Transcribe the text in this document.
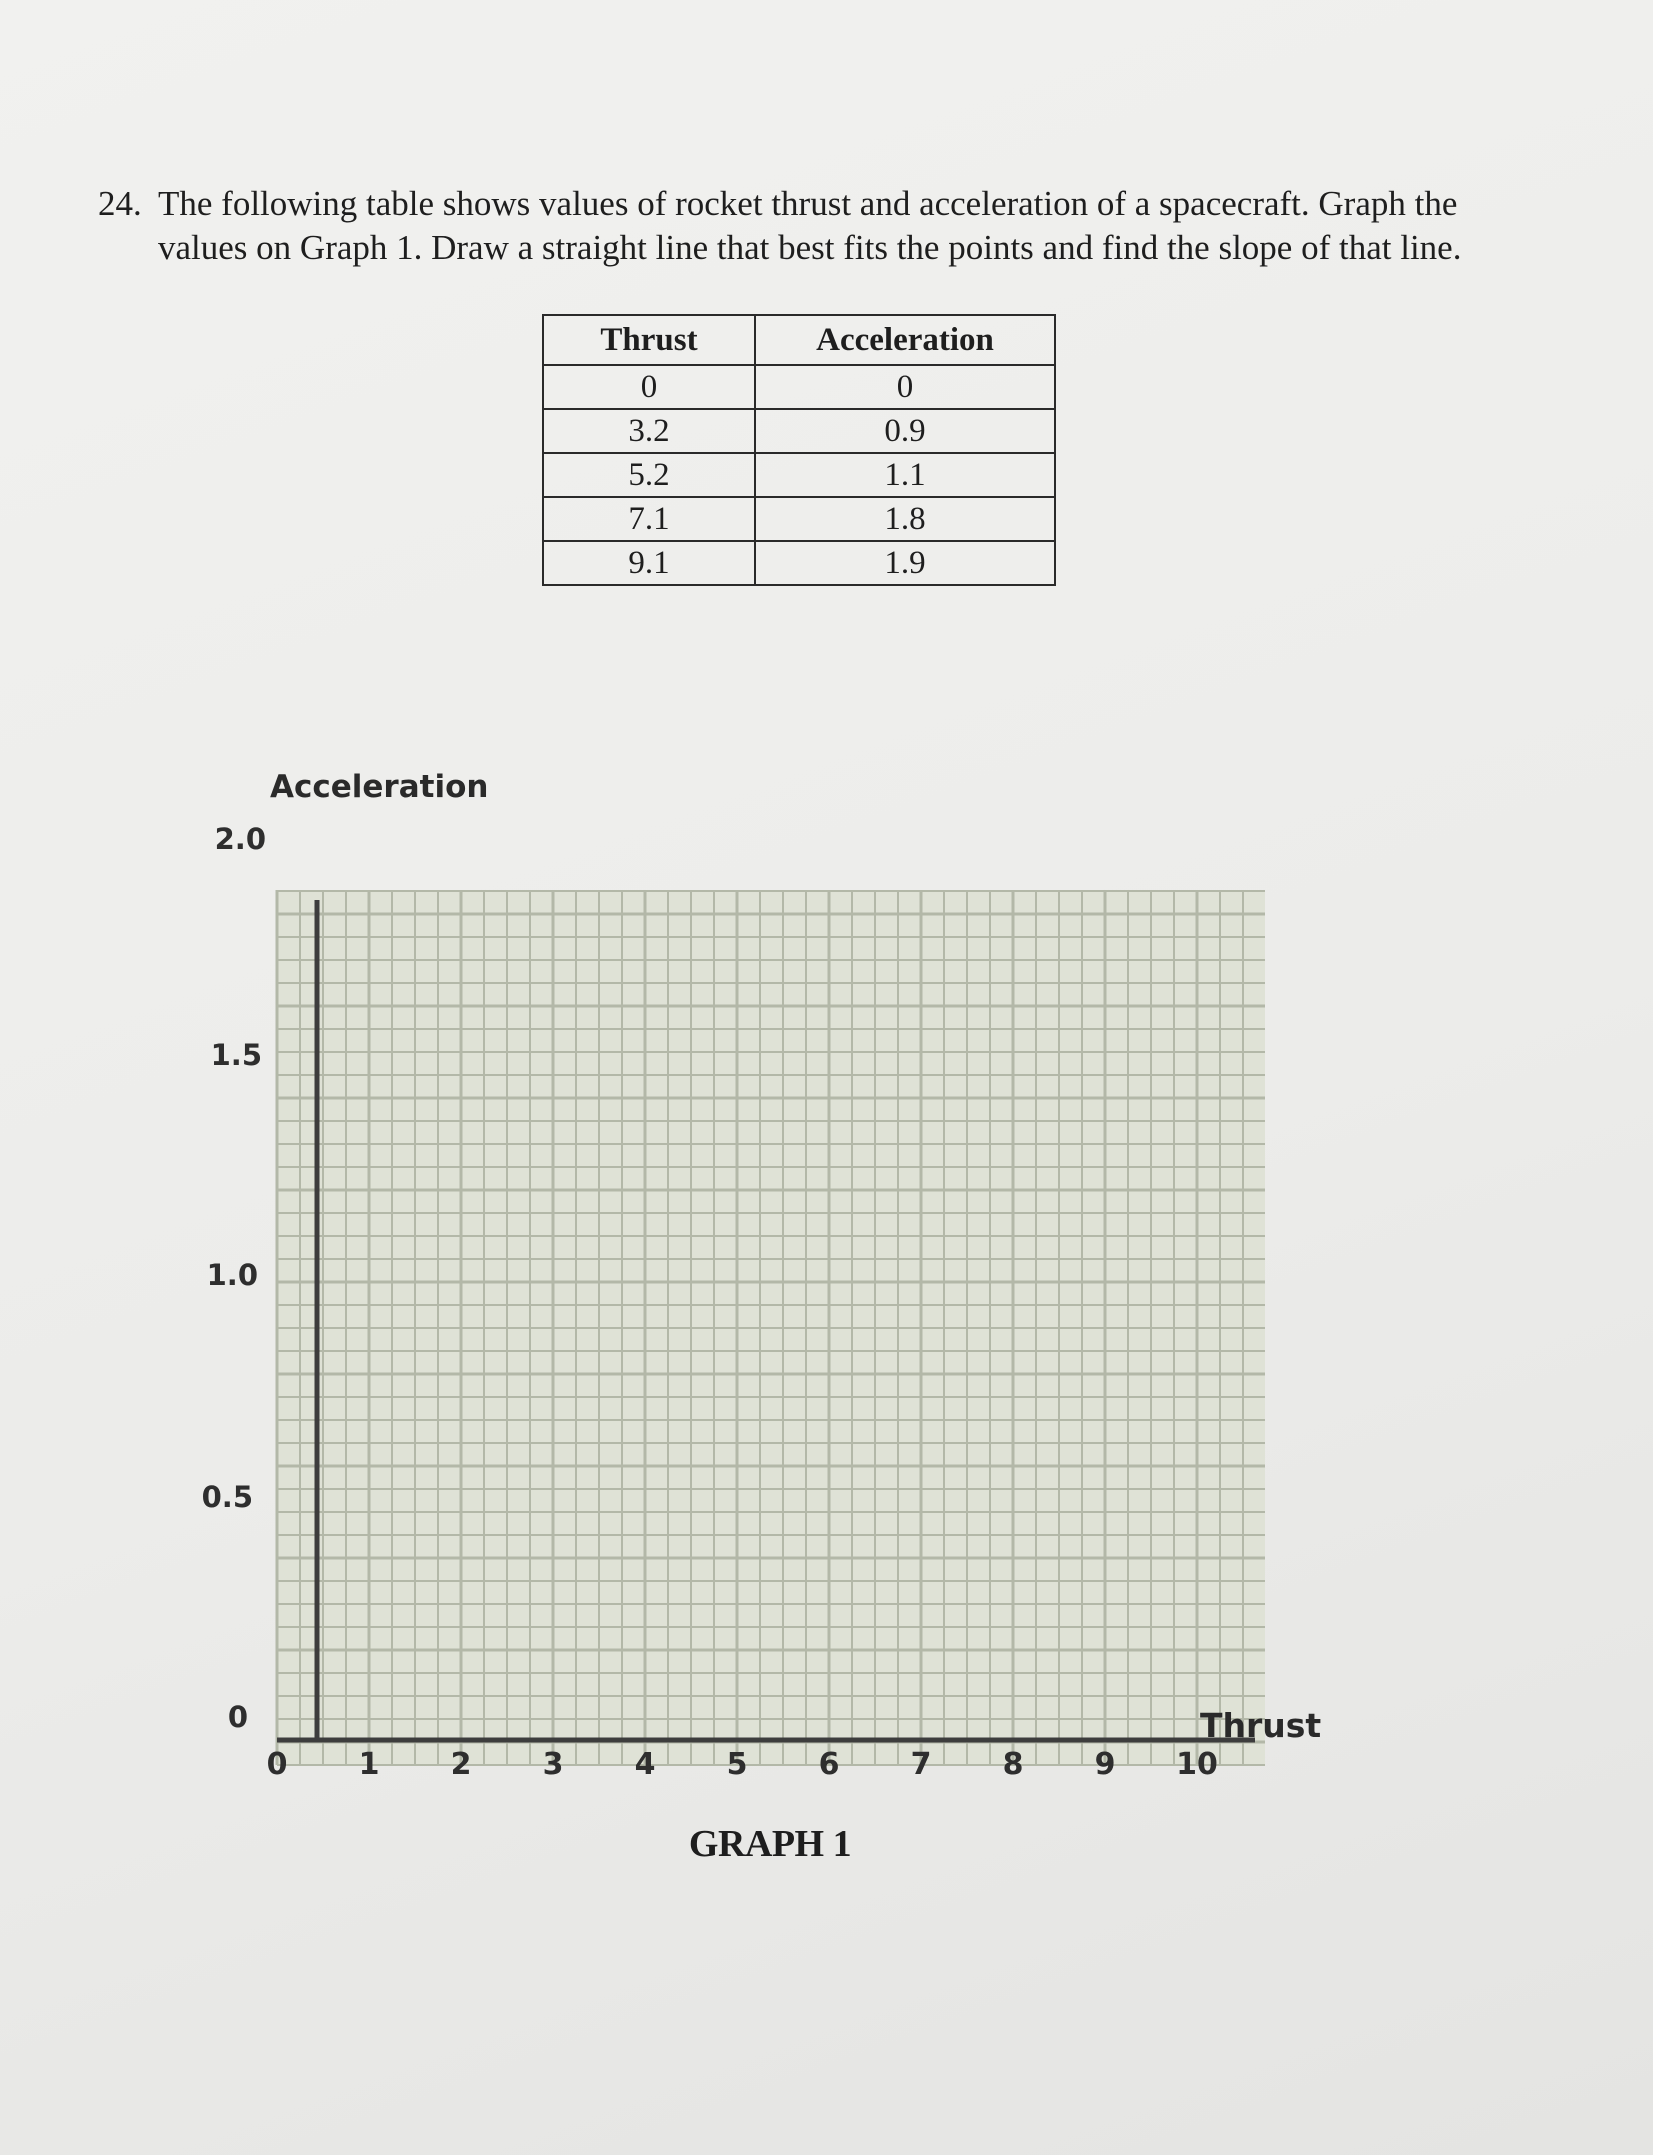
24. The following table shows values of rocket thrust and acceleration of a spacecraft. Graph the
values on Graph 1. Draw a straight line that best fits the points and find the slope of that line.
Thrust	Acceleration
0	0
3.2	0.9
5.2	1.1
7.1	1.8
9.1	1.9
0
0.5
1.0
1.5
2.0
0 1 2 3 4 5 6 7 8 9 10
Acceleration
Thrust
GRAPH 1
